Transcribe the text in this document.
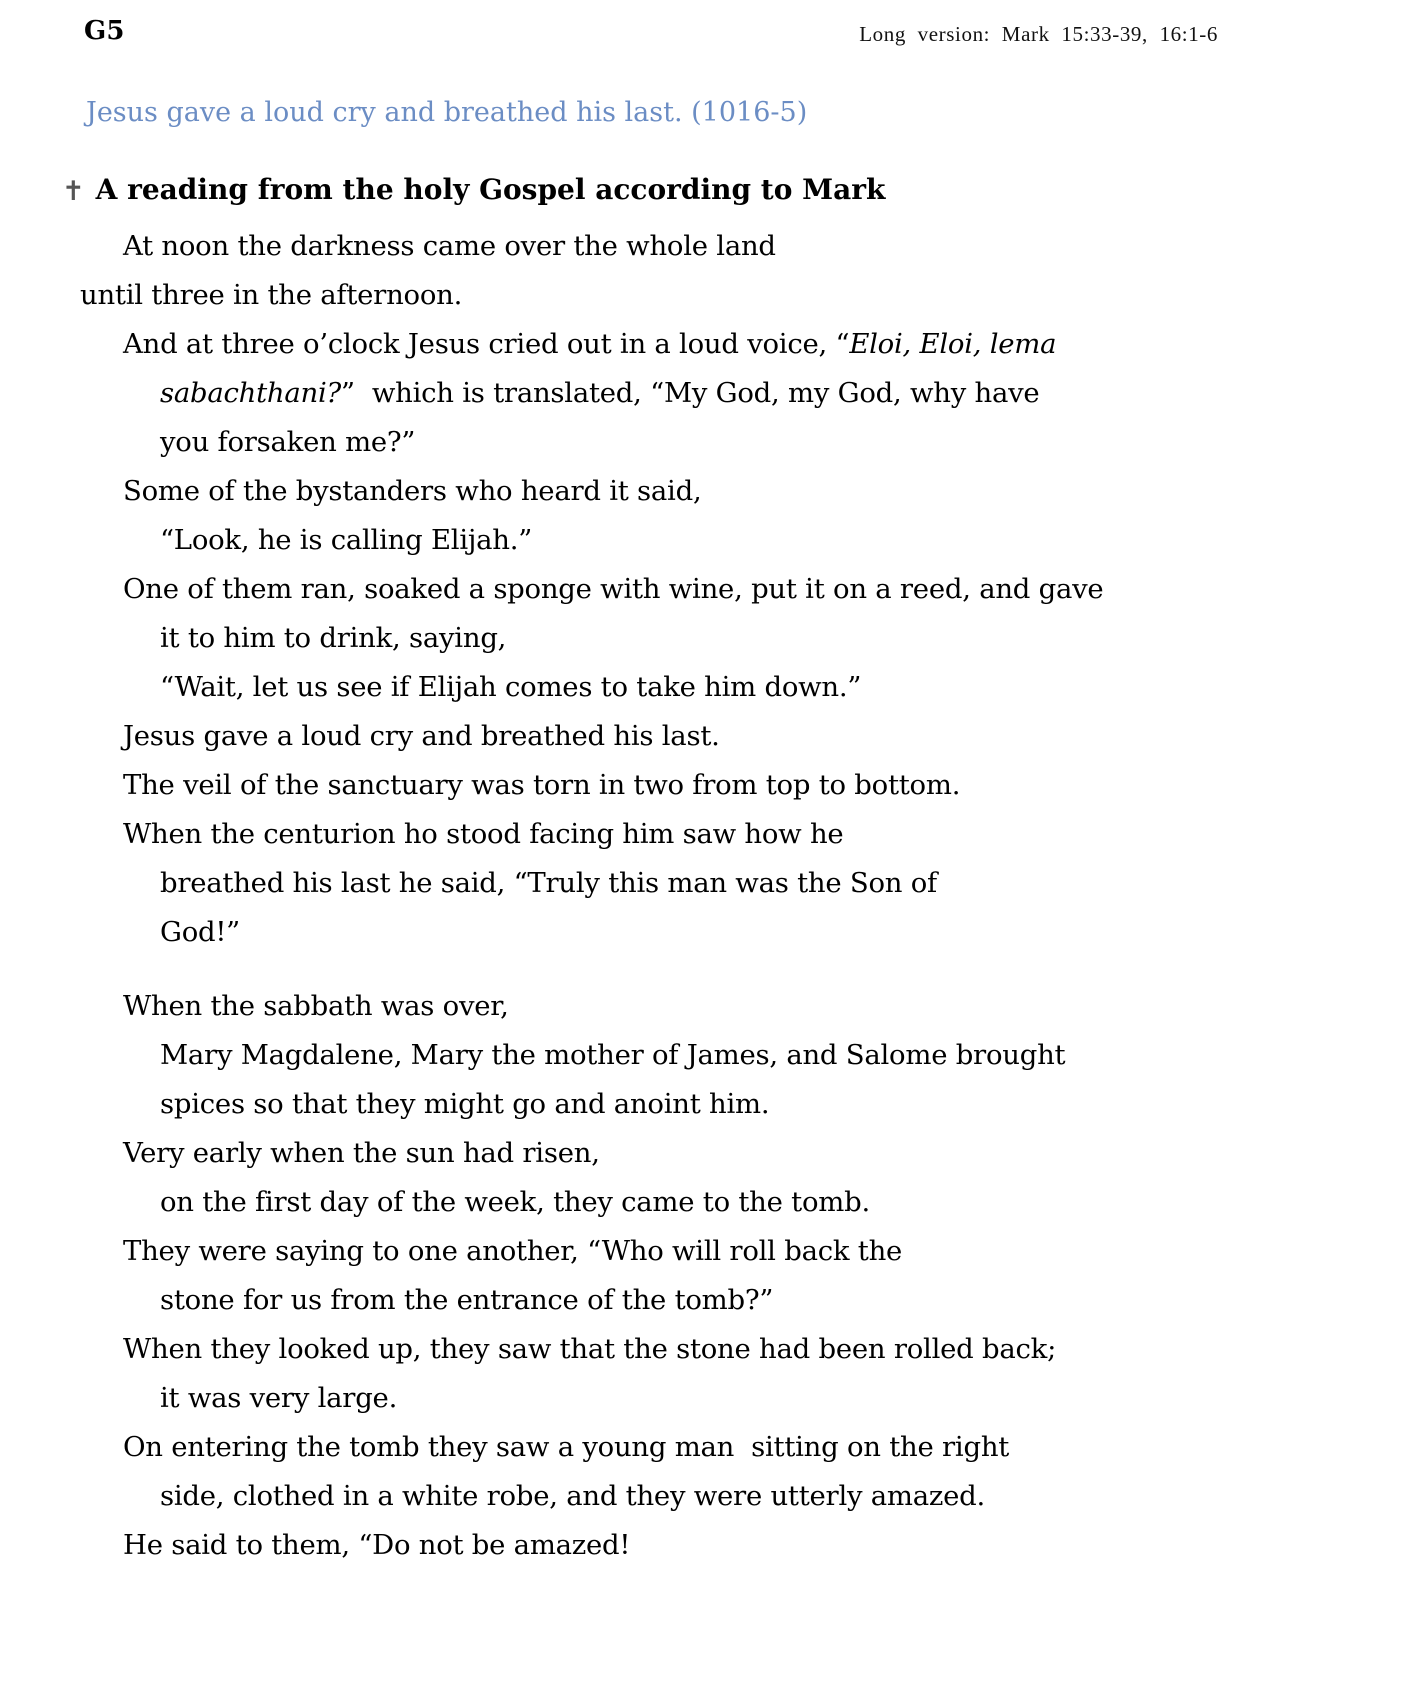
G5	Long  version:  Mark  15:33-39,  16:1-6
Jesus gave a loud cry and breathed his last. (1016-5)
✝ A reading from the holy Gospel according to Mark
At noon the darkness came over the whole land
until three in the afternoon.
And at three o’clock Jesus cried out in a loud voice, “Eloi, Eloi, lema
sabachthani?”  which is translated, “My God, my God, why have
you forsaken me?”
Some of the bystanders who heard it said,
“Look, he is calling Elijah.”
One of them ran, soaked a sponge with wine, put it on a reed, and gave
it to him to drink, saying,
“Wait, let us see if Elijah comes to take him down.”
Jesus gave a loud cry and breathed his last.
The veil of the sanctuary was torn in two from top to bottom.
When the centurion ho stood facing him saw how he
breathed his last he said, “Truly this man was the Son of
God!”
When the sabbath was over,
Mary Magdalene, Mary the mother of James, and Salome brought
spices so that they might go and anoint him.
Very early when the sun had risen,
on the first day of the week, they came to the tomb.
They were saying to one another, “Who will roll back the
stone for us from the entrance of the tomb?”
When they looked up, they saw that the stone had been rolled back;
it was very large.
On entering the tomb they saw a young man  sitting on the right
side, clothed in a white robe, and they were utterly amazed.
He said to them, “Do not be amazed!
